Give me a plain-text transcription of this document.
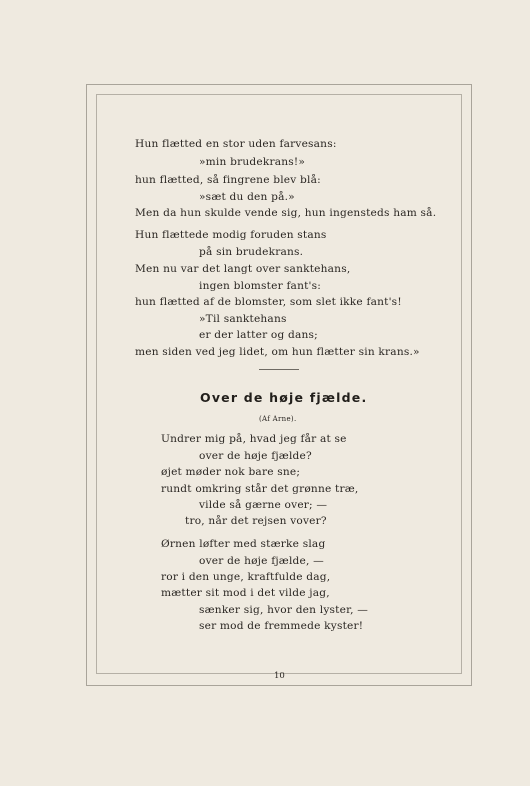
Hun flætted en stor uden farvesans:
»min brudekrans!»
hun flætted, så fingrene blev blå:
»sæt du den på.»
Men da hun skulde vende sig, hun ingensteds ham så.
Hun flættede modig foruden stans
på sin brudekrans.
Men nu var det langt over sanktehans,
ingen blomster fant's:
hun flætted af de blomster, som slet ikke fant's!
»Til sanktehans
er der latter og dans;
men siden ved jeg lidet, om hun flætter sin krans.»
Over de høje fjælde.
(Af Arne).
Undrer mig på, hvad jeg får at se
over de høje fjælde?
øjet møder nok bare sne;
rundt omkring står det grønne træ,
vilde så gærne over; —
tro, når det rejsen vover?
Ørnen løfter med stærke slag
over de høje fjælde, —
ror i den unge, kraftfulde dag,
mætter sit mod i det vilde jag,
sænker sig, hvor den lyster, —
ser mod de fremmede kyster!
10
